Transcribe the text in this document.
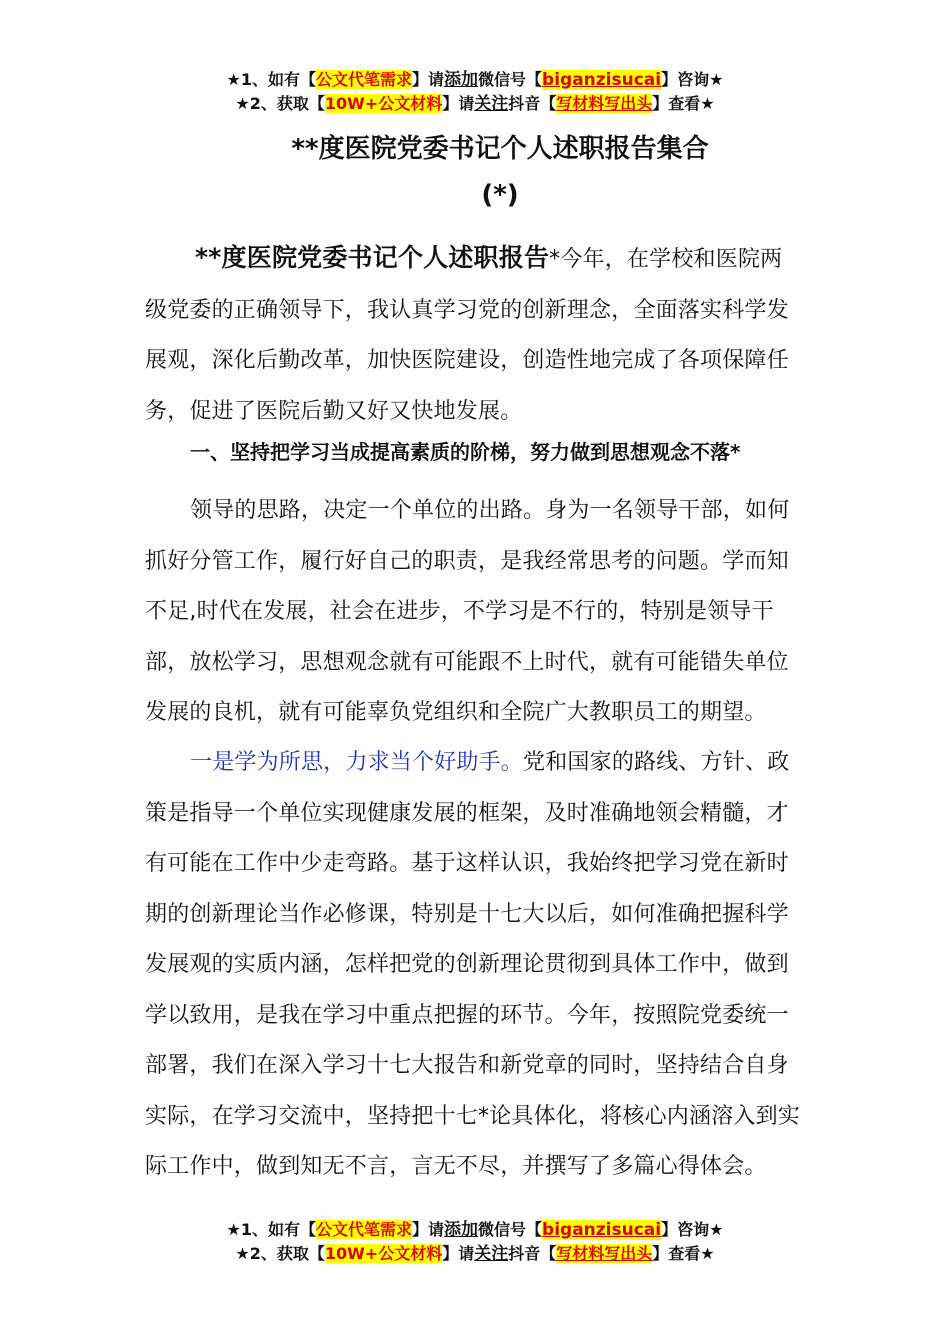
★1、如有【公文代笔需求】请添加微信号【biganzisucai】咨询★
★2、获取【10W+公文材料】请关注抖音【写材料写出头】查看★
**度医院党委书记个人述职报告集合
(*)
**度医院党委书记个人述职报告*今年，在学校和医院两
级党委的正确领导下，我认真学习党的创新理念，全面落实科学发
展观，深化后勤改革，加快医院建设，创造性地完成了各项保障任
务，促进了医院后勤又好又快地发展。
一、坚持把学习当成提高素质的阶梯，努力做到思想观念不落*
领导的思路，决定一个单位的出路。身为一名领导干部，如何
抓好分管工作，履行好自己的职责，是我经常思考的问题。学而知
不足,时代在发展，社会在进步，不学习是不行的，特别是领导干
部，放松学习，思想观念就有可能跟不上时代，就有可能错失单位
发展的良机，就有可能辜负党组织和全院广大教职员工的期望。
一是学为所思，力求当个好助手。党和国家的路线、方针、政
策是指导一个单位实现健康发展的框架，及时准确地领会精髓，才
有可能在工作中少走弯路。基于这样认识，我始终把学习党在新时
期的创新理论当作必修课，特别是十七大以后，如何准确把握科学
发展观的实质内涵，怎样把党的创新理论贯彻到具体工作中，做到
学以致用，是我在学习中重点把握的环节。今年，按照院党委统一
部署，我们在深入学习十七大报告和新党章的同时，坚持结合自身
实际，在学习交流中，坚持把十七*论具体化，将核心内涵溶入到实
际工作中，做到知无不言，言无不尽，并撰写了多篇心得体会。
★1、如有【公文代笔需求】请添加微信号【biganzisucai】咨询★
★2、获取【10W+公文材料】请关注抖音【写材料写出头】查看★
